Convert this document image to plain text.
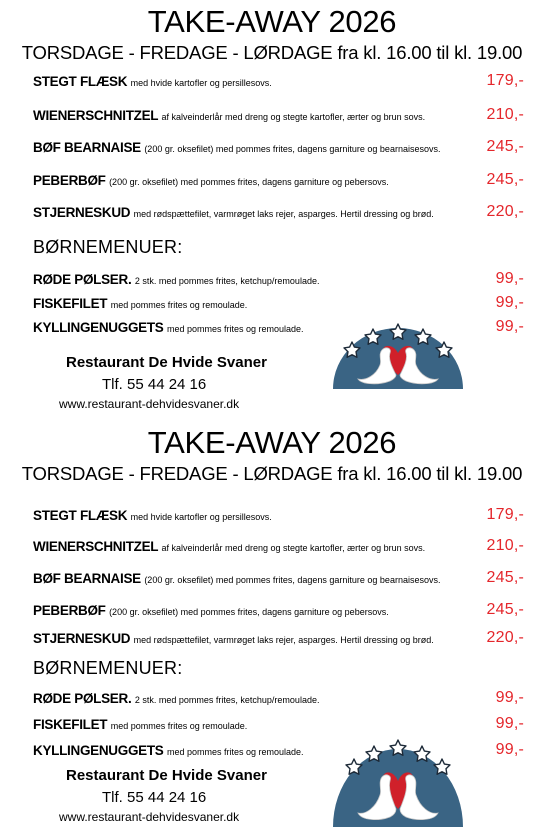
TAKE-AWAY 2026
TORSDAGE - FREDAGE - LØRDAGE fra kl. 16.00 til kl. 19.00
STEGT FLÆSK med hvide kartofler og persillesovs.	179,-
WIENERSCHNITZEL af kalveinderlår med dreng og stegte kartofler, ærter og brun sovs.	210,-
BØF BEARNAISE (200 gr. oksefilet) med pommes frites, dagens garniture og bearnaisesovs.	245,-
PEBERBØF (200 gr. oksefilet) med pommes frites, dagens garniture og pebersovs.	245,-
STJERNESKUD med rødspættefilet, varmrøget laks rejer, asparges. Hertil dressing og brød.	220,-
BØRNEMENUER:
RØDE PØLSER. 2 stk. med pommes frites, ketchup/remoulade.	99,-
FISKEFILET med pommes frites og remoulade.	99,-
KYLLINGENUGGETS med pommes frites og remoulade.	99,-
Restaurant De Hvide Svaner
Tlf. 55 44 24 16
www.restaurant-dehvidesvaner.dk
TAKE-AWAY 2026
TORSDAGE - FREDAGE - LØRDAGE fra kl. 16.00 til kl. 19.00
STEGT FLÆSK med hvide kartofler og persillesovs.	179,-
WIENERSCHNITZEL af kalveinderlår med dreng og stegte kartofler, ærter og brun sovs.	210,-
BØF BEARNAISE (200 gr. oksefilet) med pommes frites, dagens garniture og bearnaisesovs.	245,-
PEBERBØF (200 gr. oksefilet) med pommes frites, dagens garniture og pebersovs.	245,-
STJERNESKUD med rødspættefilet, varmrøget laks rejer, asparges. Hertil dressing og brød.	220,-
BØRNEMENUER:
RØDE PØLSER. 2 stk. med pommes frites, ketchup/remoulade.	99,-
FISKEFILET med pommes frites og remoulade.	99,-
KYLLINGENUGGETS med pommes frites og remoulade.	99,-
Restaurant De Hvide Svaner
Tlf. 55 44 24 16
www.restaurant-dehvidesvaner.dk
